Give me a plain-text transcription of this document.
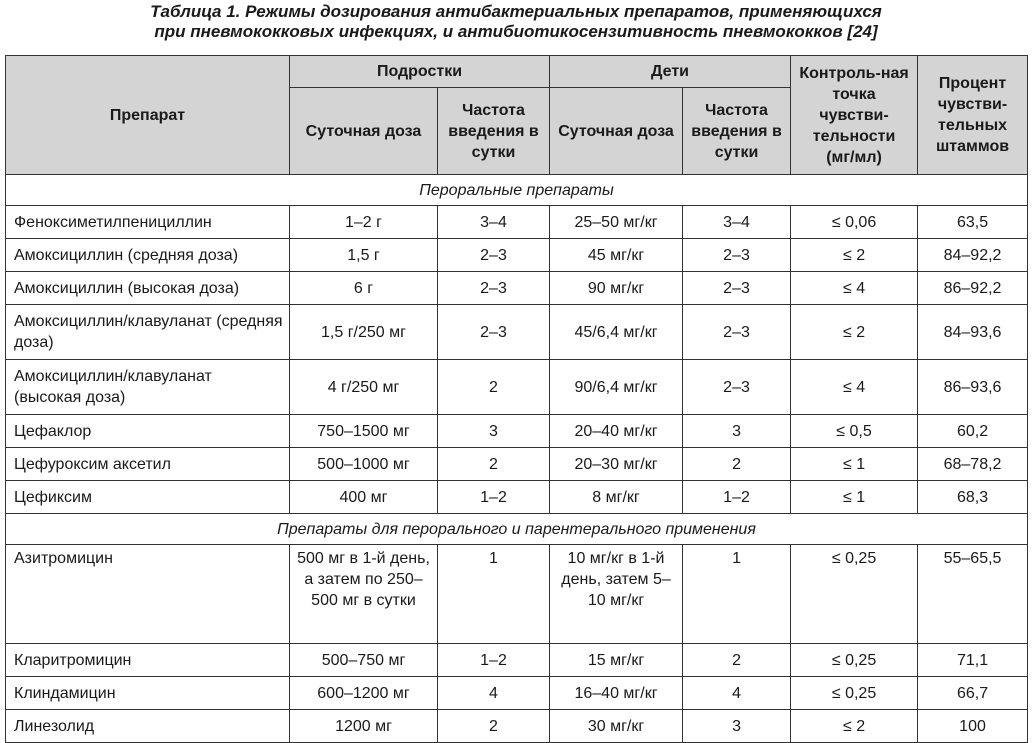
Таблица 1. Режимы дозирования антибактериальных препаратов, применяющихся
при пневмококковых инфекциях, и антибиотикосензитивность пневмококков [24]
Препарат	Подростки		Дети		Контроль-ная точка чувстви-тельности (мг/мл)	Процент чувстви-тельных штаммов
	Суточная доза	Частота введения в сутки	Суточная доза	Частота введения в сутки		
Пероральные препараты						
Феноксиметилпенициллин	1–2 г	3–4	25–50 мг/кг	3–4	≤ 0,06	63,5
Амоксициллин (средняя доза)	1,5 г	2–3	45 мг/кг	2–3	≤ 2	84–92,2
Амоксициллин (высокая доза)	6 г	2–3	90 мг/кг	2–3	≤ 4	86–92,2
Амоксициллин/клавуланат (средняя доза)	1,5 г/250 мг	2–3	45/6,4 мг/кг	2–3	≤ 2	84–93,6
Амоксициллин/клавуланат (высокая доза)	4 г/250 мг	2	90/6,4 мг/кг	2–3	≤ 4	86–93,6
Цефаклор	750–1500 мг	3	20–40 мг/кг	3	≤ 0,5	60,2
Цефуроксим аксетил	500–1000 мг	2	20–30 мг/кг	2	≤ 1	68–78,2
Цефиксим	400 мг	1–2	8 мг/кг	1–2	≤ 1	68,3
Препараты для перорального и парентерального применения						
Азитромицин	500 мг в 1-й день, а затем по 250–500 мг в сутки	1	10 мг/кг в 1-й день, затем 5–10 мг/кг	1	≤ 0,25	55–65,5
Кларитромицин	500–750 мг	1–2	15 мг/кг	2	≤ 0,25	71,1
Клиндамицин	600–1200 мг	4	16–40 мг/кг	4	≤ 0,25	66,7
Линезолид	1200 мг	2	30 мг/кг	3	≤ 2	100
